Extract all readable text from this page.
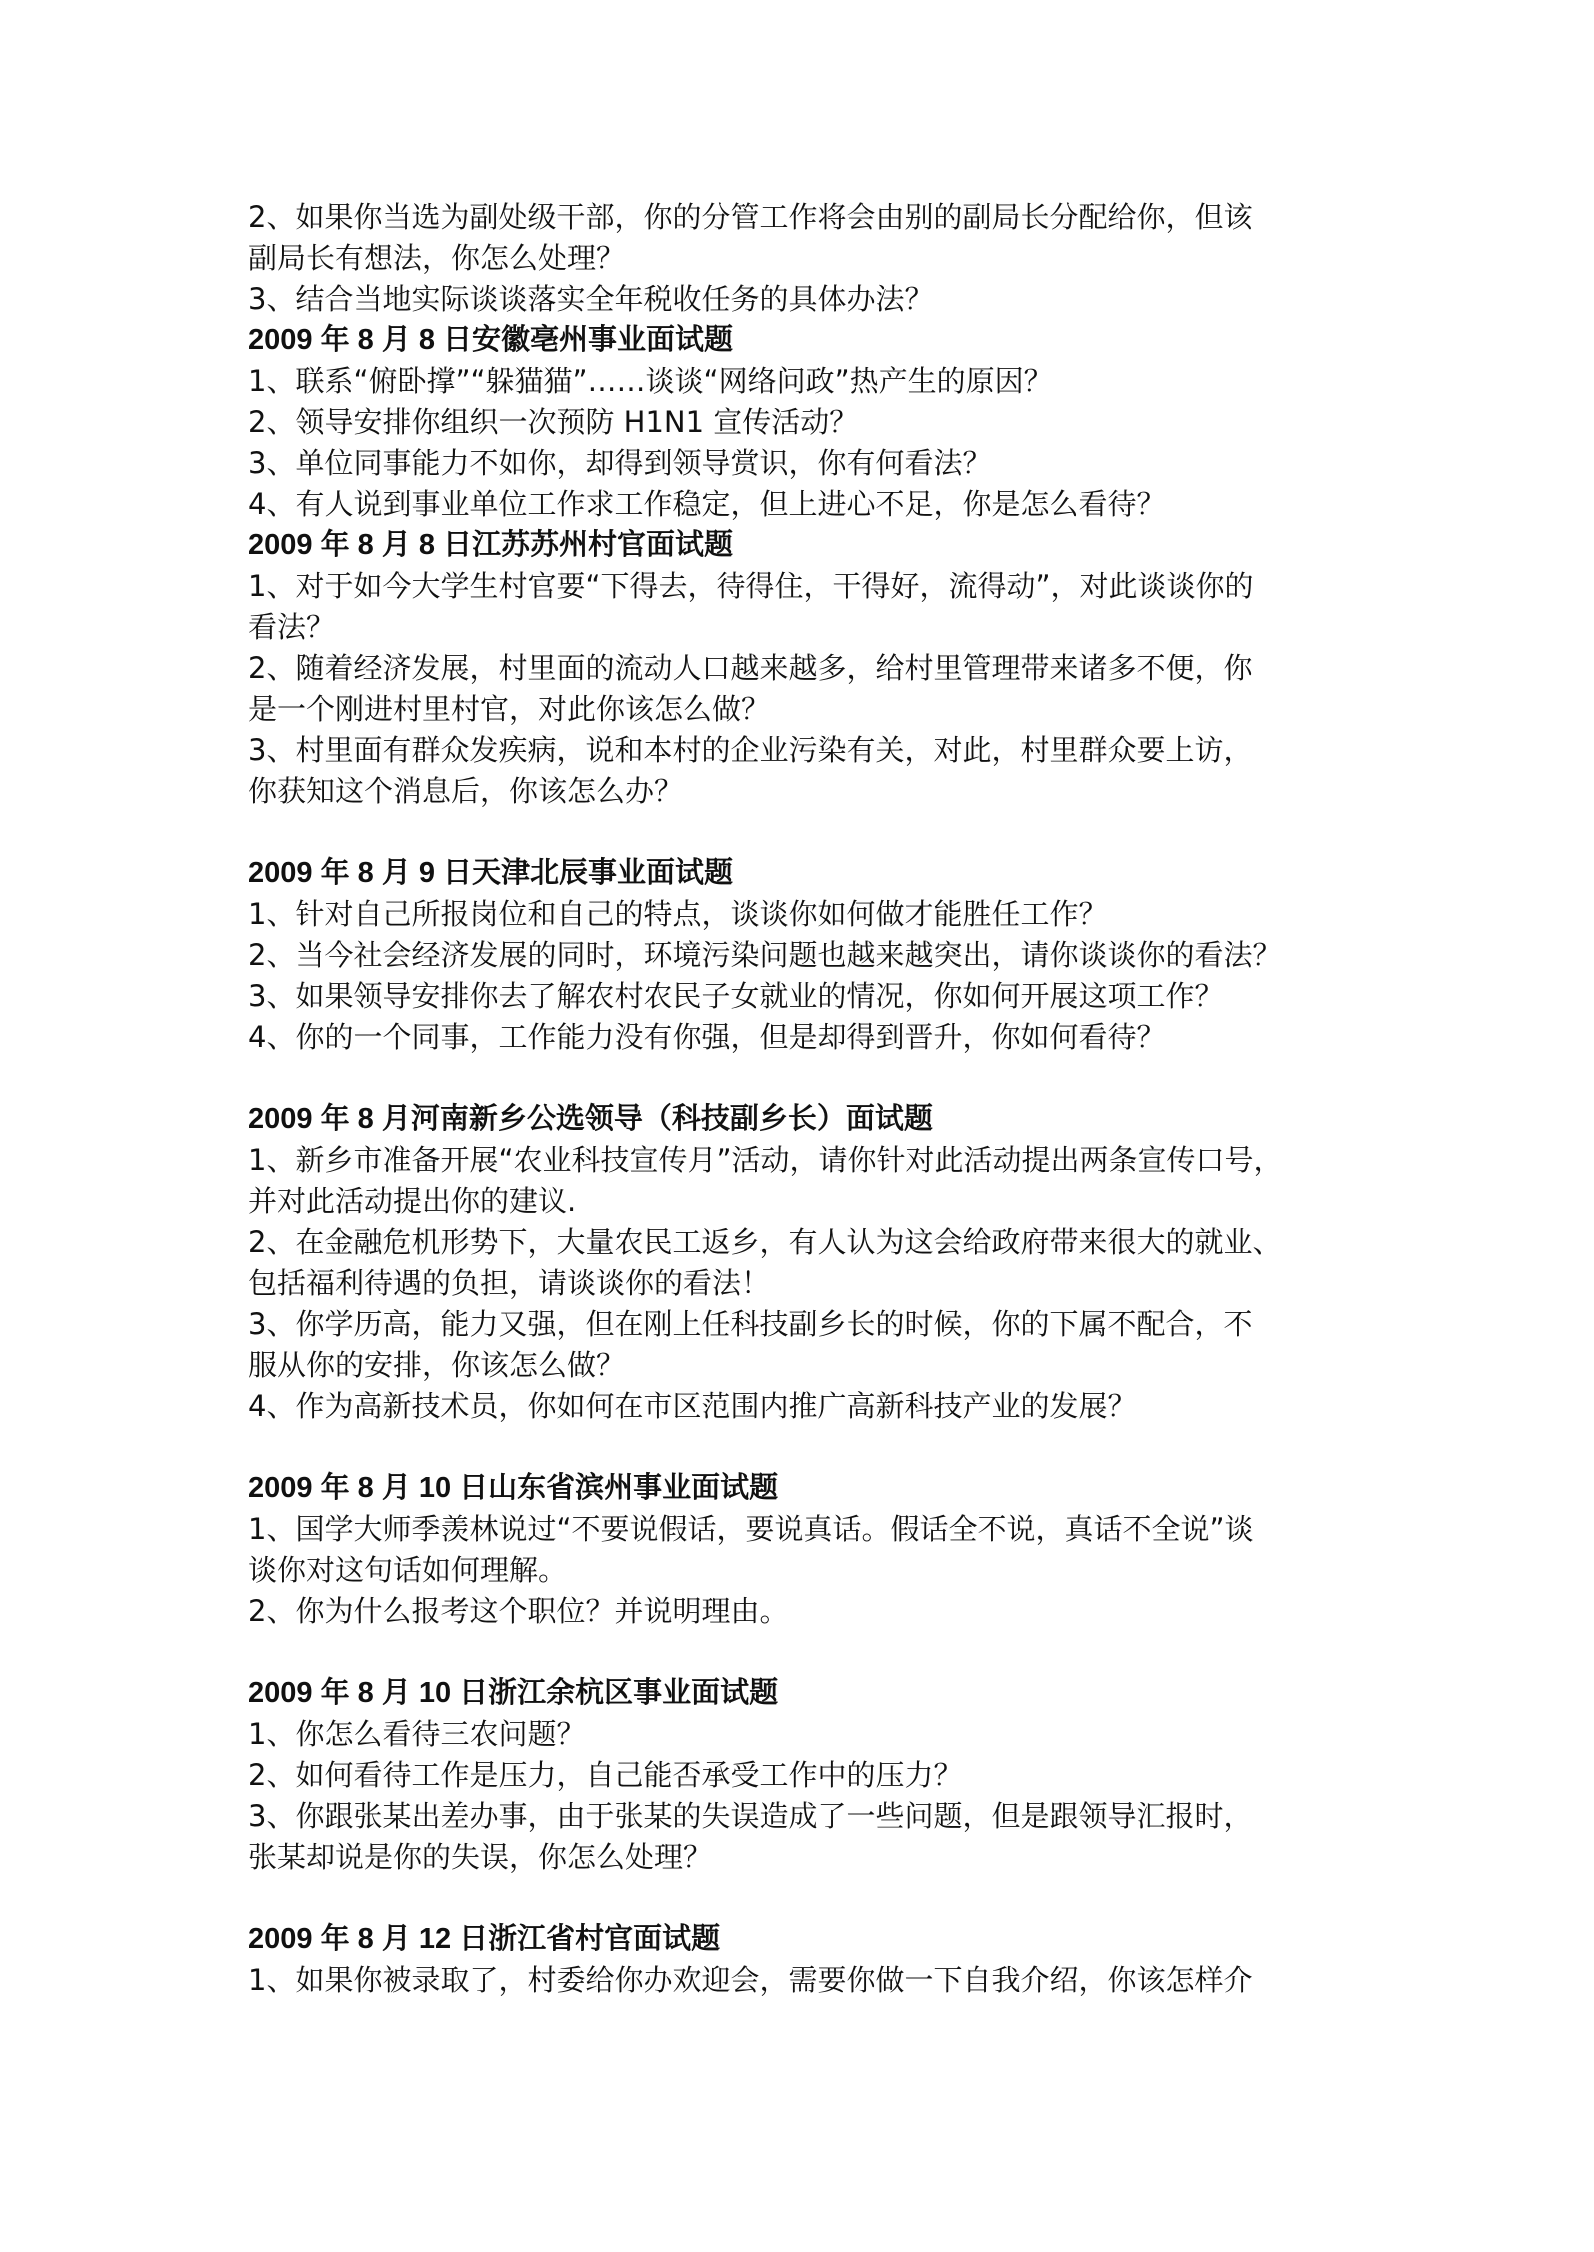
2、如果你当选为副处级干部，你的分管工作将会由别的副局长分配给你，但该
副局长有想法，你怎么处理？
3、结合当地实际谈谈落实全年税收任务的具体办法？
2009 年 8 月 8 日安徽亳州事业面试题
1、联系“俯卧撑”“躲猫猫”……谈谈“网络问政”热产生的原因？
2、领导安排你组织一次预防 H1N1 宣传活动？
3、单位同事能力不如你，却得到领导赏识，你有何看法？
4、有人说到事业单位工作求工作稳定，但上进心不足，你是怎么看待？
2009 年 8 月 8 日江苏苏州村官面试题
1、对于如今大学生村官要“下得去，待得住，干得好，流得动”，对此谈谈你的
看法？
2、随着经济发展，村里面的流动人口越来越多，给村里管理带来诸多不便，你
是一个刚进村里村官，对此你该怎么做？
3、村里面有群众发疾病，说和本村的企业污染有关，对此，村里群众要上访，
你获知这个消息后，你该怎么办？
2009 年 8 月 9 日天津北辰事业面试题
1、针对自己所报岗位和自己的特点，谈谈你如何做才能胜任工作？
2、当今社会经济发展的同时，环境污染问题也越来越突出，请你谈谈你的看法？
3、如果领导安排你去了解农村农民子女就业的情况，你如何开展这项工作？
4、你的一个同事，工作能力没有你强，但是却得到晋升，你如何看待？
2009 年 8 月河南新乡公选领导（科技副乡长）面试题
1、新乡市准备开展“农业科技宣传月”活动，请你针对此活动提出两条宣传口号，
并对此活动提出你的建议.
2、在金融危机形势下，大量农民工返乡，有人认为这会给政府带来很大的就业、
包括福利待遇的负担，请谈谈你的看法！
3、你学历高，能力又强，但在刚上任科技副乡长的时候，你的下属不配合，不
服从你的安排，你该怎么做？
4、作为高新技术员，你如何在市区范围内推广高新科技产业的发展？
2009 年 8 月 10 日山东省滨州事业面试题
1、国学大师季羡林说过“不要说假话，要说真话。假话全不说，真话不全说”谈
谈你对这句话如何理解。
2、你为什么报考这个职位？并说明理由。
2009 年 8 月 10 日浙江余杭区事业面试题
1、你怎么看待三农问题？
2、如何看待工作是压力，自己能否承受工作中的压力？
3、你跟张某出差办事，由于张某的失误造成了一些问题，但是跟领导汇报时，
张某却说是你的失误，你怎么处理？
2009 年 8 月 12 日浙江省村官面试题
1、如果你被录取了，村委给你办欢迎会，需要你做一下自我介绍，你该怎样介
